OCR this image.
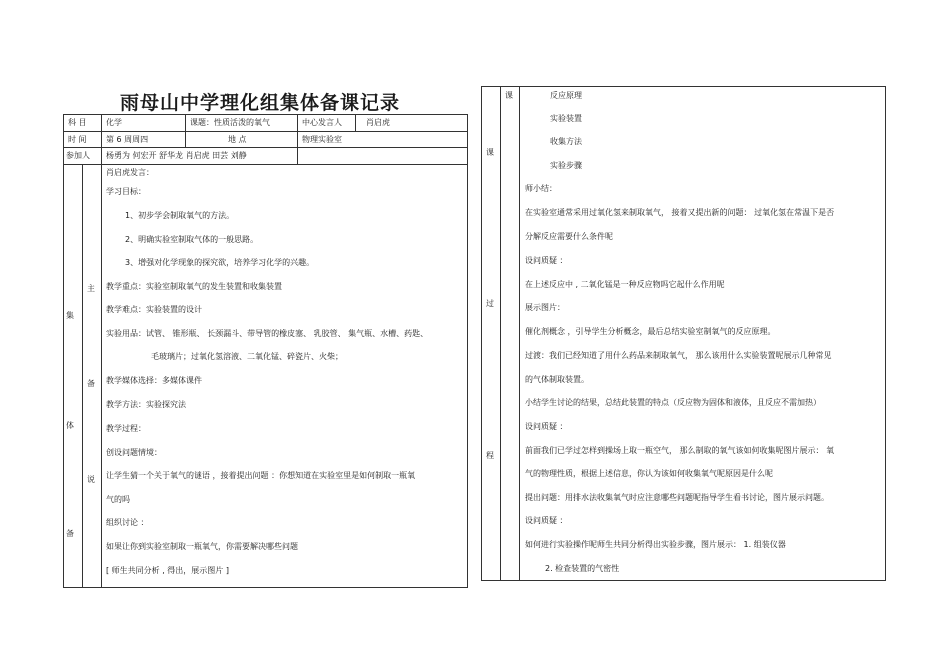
雨母山中学理化组集体备课记录
科 目 化学	课题：性质活泼的氧气	中心发言人	肖启虎
时 间 第 6 周周四	地 点	物理实验室
参加人 杨勇为 何宏开 舒华龙 肖启虎 田芸 刘静
集
体
备
主
备
说
肖启虎发言：
学习目标：
1、初步学会制取氧气的方法。
2、明确实验室制取气体的一般思路。
3、增强对化学现象的探究欲，培养学习化学的兴趣。
教学重点：实验室制取氧气的发生装置和收集装置
教学难点：实验装置的设计
实验用品：试管、 锥形瓶、 长颈漏斗、带导管的橡皮塞、 乳胶管、 集气瓶、水槽、药匙、
毛玻璃片；过氧化氢溶液、二氧化锰、碎瓷片、火柴；
教学媒体选择：多媒体课件
教学方法：实验探究法
教学过程：
创设问题情境：
让学生猜一个关于氧气的谜语 ，接着提出问题 ：你想知道在实验室里是如何制取一瓶氧
气的吗
组织讨论 ：
如果让你到实验室制取一瓶氧气，你需要解决哪些问题
[ 师生共同分析 , 得出，展示图片 ]
课
过
程
课	反应原理
实验装置
收集方法
实验步骤
师小结：
在实验室通常采用过氧化氢来制取氧气， 接着又提出新的问题： 过氧化氢在常温下是否
分解反应需要什么条件呢
设问质疑 ：
在上述反应中 , 二氧化锰是一种反应物吗它起什么作用呢
展示图片：
催化剂概念 ，引导学生分析概念，最后总结实验室制氧气的反应原理。
过渡：我们已经知道了用什么药品来制取氧气， 那么该用什么实验装置呢展示几种常见
的气体制取装置。
小结学生讨论的结果，总结此装置的特点（反应物为固体和液体，且反应不需加热）
设问质疑 ：
前面我们已学过怎样到操场上取一瓶空气， 那么制取的氧气该如何收集呢图片展示： 氧
气的物理性质，根据上述信息，你认为该如何收集氧气呢原因是什么呢
提出问题：用排水法收集氧气时应注意哪些问题呢指导学生看书讨论，图片展示问题。
设问质疑 ：
如何进行实验操作呢师生共同分析得出实验步骤，图片展示： 1. 组装仪器
2. 检查装置的气密性
